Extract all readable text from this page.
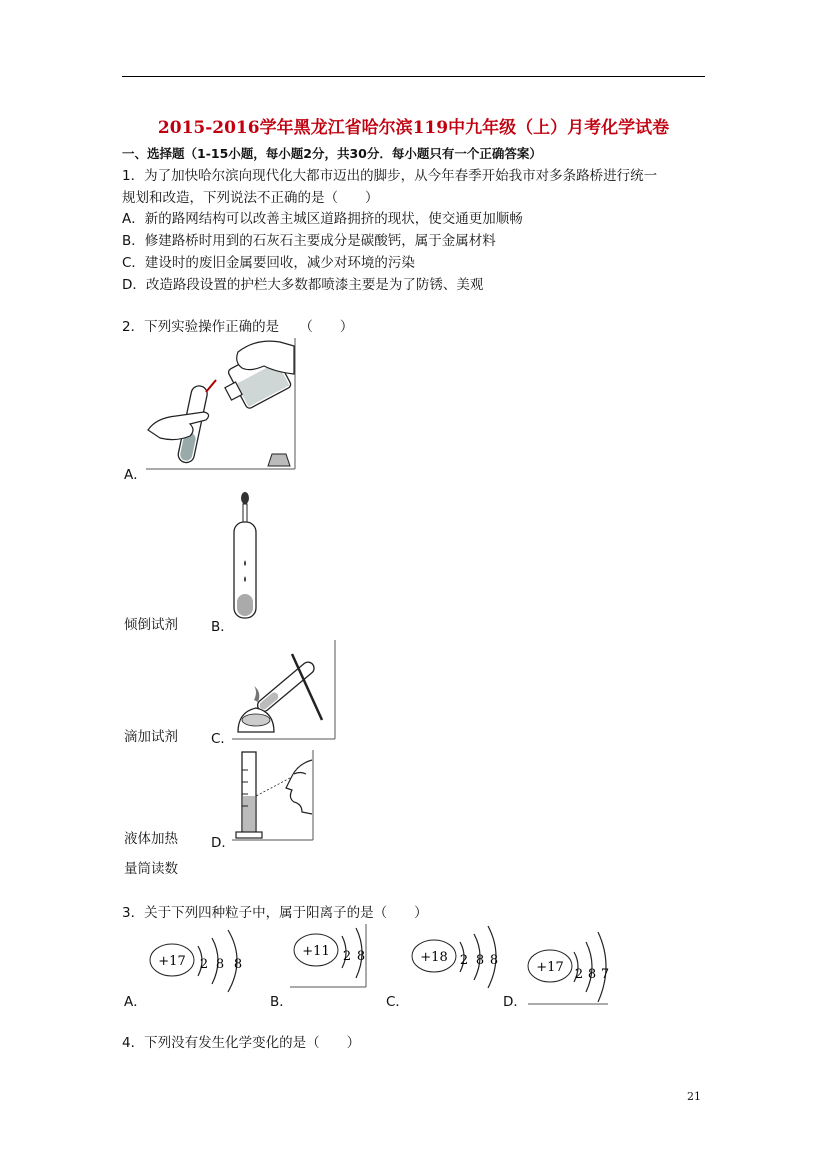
2015-2016学年黑龙江省哈尔滨119中九年级（上）月考化学试卷
一、选择题（1-15小题，每小题2分，共30分．每小题只有一个正确答案）
1．为了加快哈尔滨向现代化大都市迈出的脚步，从今年春季开始我市对多条路桥进行统一
规划和改造，下列说法不正确的是（　　）
A．新的路网结构可以改善主城区道路拥挤的现状，使交通更加顺畅
B．修建路桥时用到的石灰石主要成分是碳酸钙，属于金属材料
C．建设时的废旧金属要回收，减少对环境的污染
D．改造路段设置的护栏大多数都喷漆主要是为了防锈、美观
2．下列实验操作正确的是　　（　　）
A．
倾倒试剂 B．
滴加试剂 C．
液体加热 D．
量筒读数
3．关于下列四种粒子中，属于阳离子的是（　　）
+17 2 8 8
A．
+11 2 8
B．
+18 2 8 8
C．
+17 2 8 7
D．
4．下列没有发生化学变化的是（　　）
21
